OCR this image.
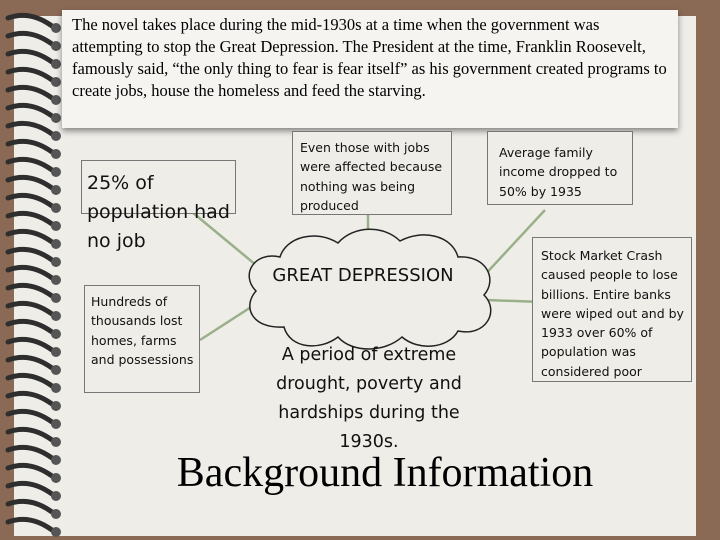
The novel takes place during the mid-1930s at a time when the government was attempting to stop the Great Depression. The President at the time, Franklin Roosevelt, famously said, “the only thing to fear is fear itself” as his government created programs to create jobs, house the homeless and feed the starving.
GREAT DEPRESSION
A period of extreme drought, poverty and hardships during the 1930s.
25% of population had no job
Hundreds of thousands lost homes, farms and possessions
Even those with jobs were affected because nothing was being produced
Average family income dropped to 50% by 1935
Stock Market Crash caused people to lose billions. Entire banks were wiped out and by 1933 over 60% of population was considered poor
Background Information
